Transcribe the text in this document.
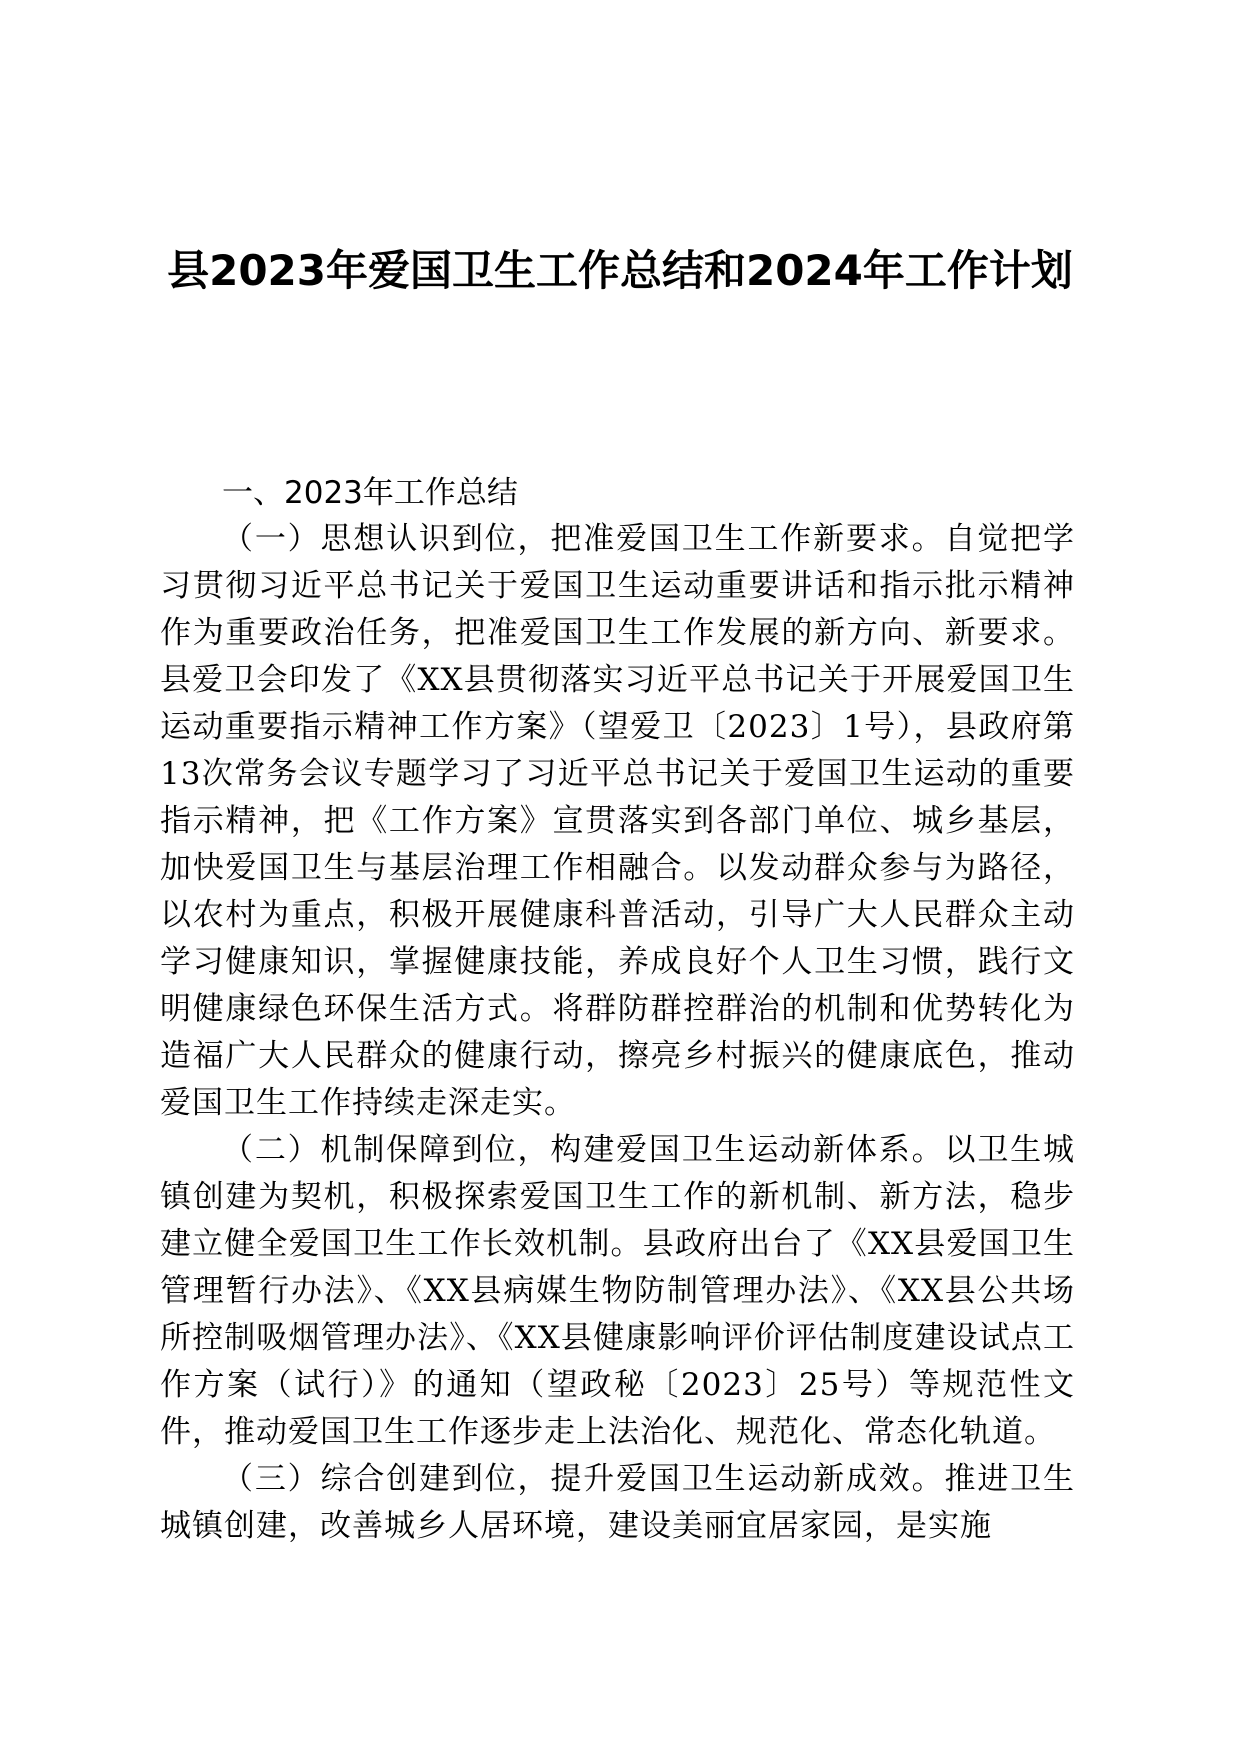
县2023年爱国卫生工作总结和2024年工作计划
一、2023年工作总结

（一）思想认识到位，把准爱国卫生工作新要求。自觉把学习贯彻习近平总书记关于爱国卫生运动重要讲话和指示批示精神作为重要政治任务，把准爱国卫生工作发展的新方向、新要求。县爱卫会印发了《XX县贯彻落实习近平总书记关于开展爱国卫生运动重要指示精神工作方案》（望爱卫〔2023〕1号），县政府第13次常务会议专题学习了习近平总书记关于爱国卫生运动的重要指示精神，把《工作方案》宣贯落实到各部门单位、城乡基层，加快爱国卫生与基层治理工作相融合。以发动群众参与为路径，以农村为重点，积极开展健康科普活动，引导广大人民群众主动学习健康知识，掌握健康技能，养成良好个人卫生习惯，践行文明健康绿色环保生活方式。将群防群控群治的机制和优势转化为造福广大人民群众的健康行动，擦亮乡村振兴的健康底色，推动爱国卫生工作持续走深走实。

（二）机制保障到位，构建爱国卫生运动新体系。以卫生城镇创建为契机，积极探索爱国卫生工作的新机制、新方法，稳步建立健全爱国卫生工作长效机制。县政府出台了《XX县爱国卫生管理暂行办法》、《XX县病媒生物防制管理办法》、《XX县公共场所控制吸烟管理办法》、《XX县健康影响评价评估制度建设试点工作方案（试行）》的通知（望政秘〔2023〕25号）等规范性文件，推动爱国卫生工作逐步走上法治化、规范化、常态化轨道。

（三）综合创建到位，提升爱国卫生运动新成效。推进卫生城镇创建，改善城乡人居环境，建设美丽宜居家园，是实施
